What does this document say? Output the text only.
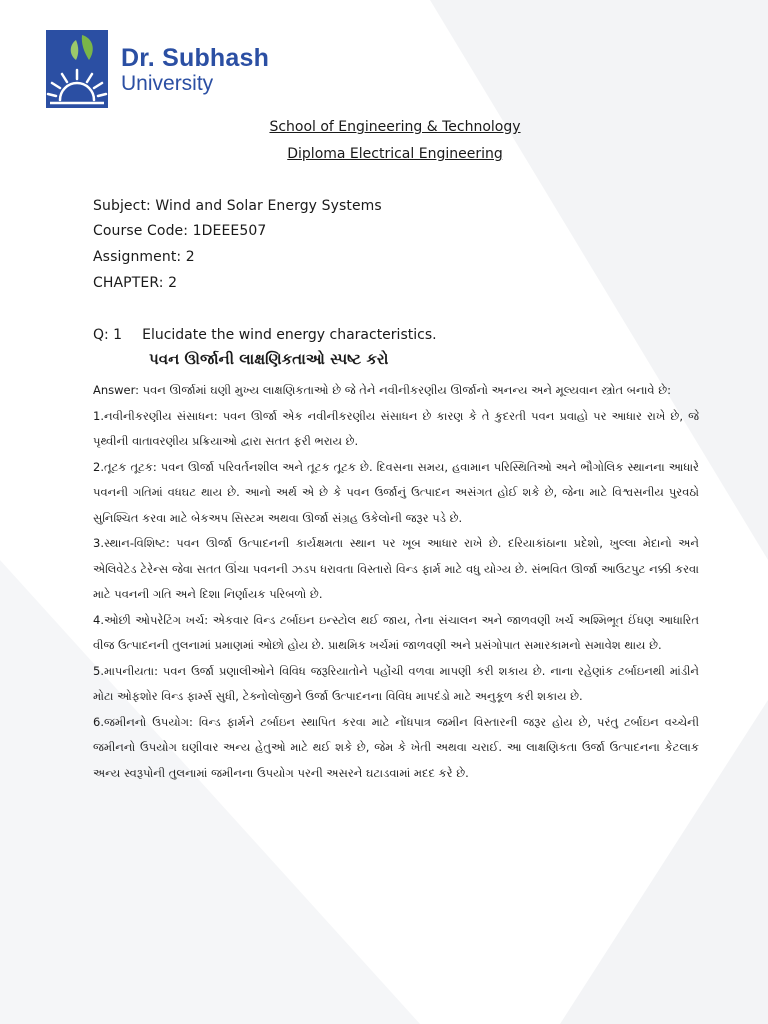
Dr. Subhash
University
School of Engineering & Technology
Diploma Electrical Engineering
Subject: Wind and Solar Energy Systems
Course Code: 1DEEE507
Assignment: 2
CHAPTER: 2
Q: 1 Elucidate the wind energy characteristics.
પવન ઊર્જાની લાક્ષણિકતાઓ સ્પષ્ટ કરો

Answer: પવન ઊર્જામાં ઘણી મુખ્ય લાક્ષણિકતાઓ છે જે તેને નવીનીકરણીય ઊર્જાનો અનન્ય અને મૂલ્યવાન સ્ત્રોત બનાવે છે:

1.નવીનીકરણીય સંસાધન: પવન ઊર્જા એક નવીનીકરણીય સંસાધન છે કારણ કે તે કુદરતી પવન પ્રવાહો પર આધાર રાખે છે, જે પૃથ્વીની વાતાવરણીય પ્રક્રિયાઓ દ્વારા સતત ફરી ભરાય છે.

2.તૂટક તૂટક: પવન ઊર્જા પરિવર્તનશીલ અને તૂટક તૂટક છે. દિવસના સમય, હવામાન પરિસ્થિતિઓ અને ભૌગોલિક સ્થાનના આધારે પવનની ગતિમાં વધઘટ થાય છે. આનો અર્થ એ છે કે પવન ઉર્જાનું ઉત્પાદન અસંગત હોઈ શકે છે, જેના માટે વિશ્વસનીય પુરવઠો સુનિશ્ચિત કરવા માટે બેકઅપ સિસ્ટમ અથવા ઊર્જા સંગ્રહ ઉકેલોની જરૂર પડે છે.

3.સ્થાન-વિશિષ્ટ: પવન ઊર્જા ઉત્પાદનની કાર્યક્ષમતા સ્થાન પર ખૂબ આધાર રાખે છે. દરિયાકાંઠાના પ્રદેશો, ખુલ્લા મેદાનો અને એલિવેટેડ ટેરેન્સ જેવા સતત ઊંચા પવનની ઝડપ ધરાવતા વિસ્તારો વિન્ડ ફાર્મ માટે વધુ યોગ્ય છે. સંભવિત ઊર્જા આઉટપુટ નક્કી કરવા માટે પવનની ગતિ અને દિશા નિર્ણાયક પરિબળો છે.

4.ઓછી ઓપરેટિંગ ખર્ચ: એકવાર વિન્ડ ટર્બાઇન ઇન્સ્ટોલ થઈ જાય, તેના સંચાલન અને જાળવણી ખર્ચ અશ્મિભૂત ઈંધણ આધારિત વીજ ઉત્પાદનની તુલનામાં પ્રમાણમાં ઓછો હોય છે. પ્રાથમિક ખર્ચમાં જાળવણી અને પ્રસંગોપાત સમારકામનો સમાવેશ થાય છે.

5.માપનીયતા: પવન ઉર્જા પ્રણાલીઓને વિવિધ જરૂરિયાતોને પહોંચી વળવા માપણી કરી શકાય છે. નાના રહેણાંક ટર્બાઇનથી માંડીને મોટા ઓફશોર વિન્ડ ફાર્મ્સ સુધી, ટેક્નોલોજીને ઉર્જા ઉત્પાદનના વિવિધ માપદંડો માટે અનુકૂળ કરી શકાય છે.

6.જમીનનો ઉપયોગ: વિન્ડ ફાર્મને ટર્બાઇન સ્થાપિત કરવા માટે નોંધપાત્ર જમીન વિસ્તારની જરૂર હોય છે, પરંતુ ટર્બાઇન વચ્ચેની જમીનનો ઉપયોગ ઘણીવાર અન્ય હેતુઓ માટે થઈ શકે છે, જેમ કે ખેતી અથવા ચરાઈ. આ લાક્ષણિકતા ઉર્જા ઉત્પાદનના કેટલાક અન્ય સ્વરૂપોની તુલનામાં જમીનના ઉપયોગ પરની અસરને ઘટાડવામાં મદદ કરે છે.
